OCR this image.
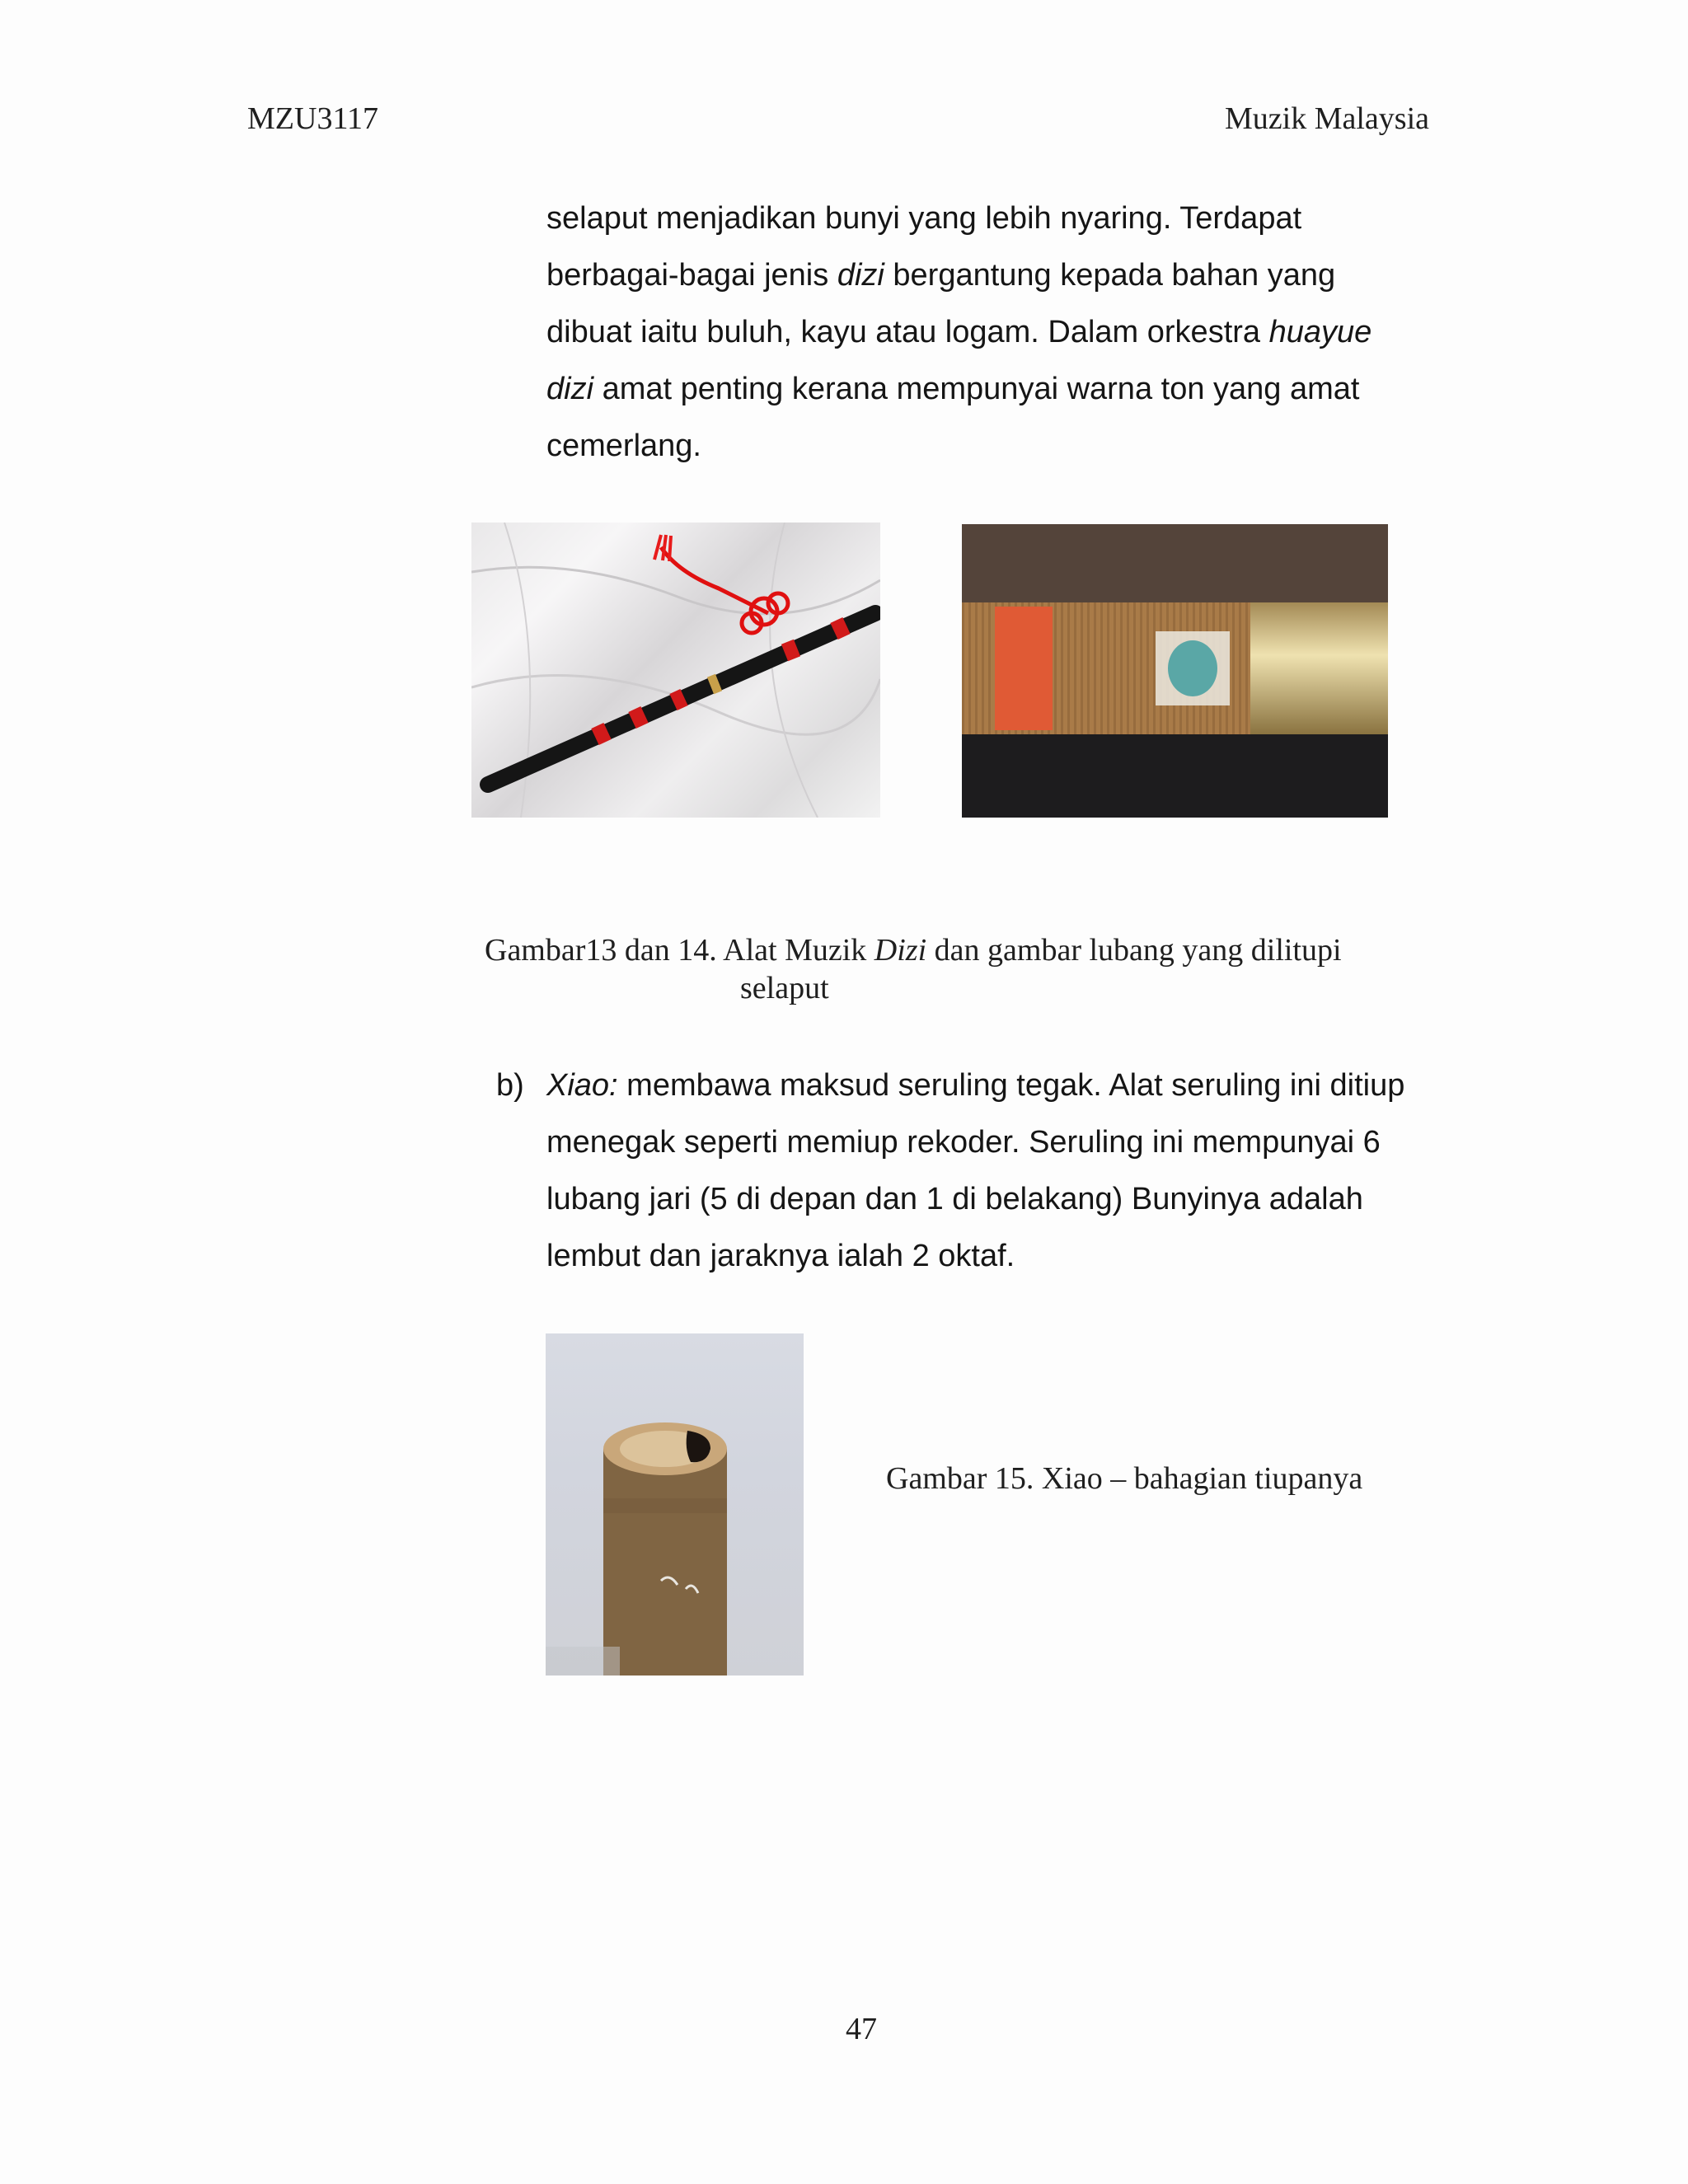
MZU3117	Muzik Malaysia
selaput menjadikan bunyi yang lebih nyaring. Terdapat
berbagai-bagai jenis dizi bergantung kepada bahan yang
dibuat iaitu buluh, kayu atau logam. Dalam orkestra huayue
dizi amat penting kerana mempunyai warna ton yang amat
cemerlang.
Gambar13 dan 14. Alat Muzik Dizi dan gambar lubang yang dilitupi
selaput
b) Xiao: membawa maksud seruling tegak. Alat seruling ini ditiup
menegak seperti memiup rekoder. Seruling ini mempunyai 6
lubang jari (5 di depan dan 1 di belakang) Bunyinya adalah
lembut dan jaraknya ialah 2 oktaf.
Gambar 15. Xiao – bahagian tiupanya
47
